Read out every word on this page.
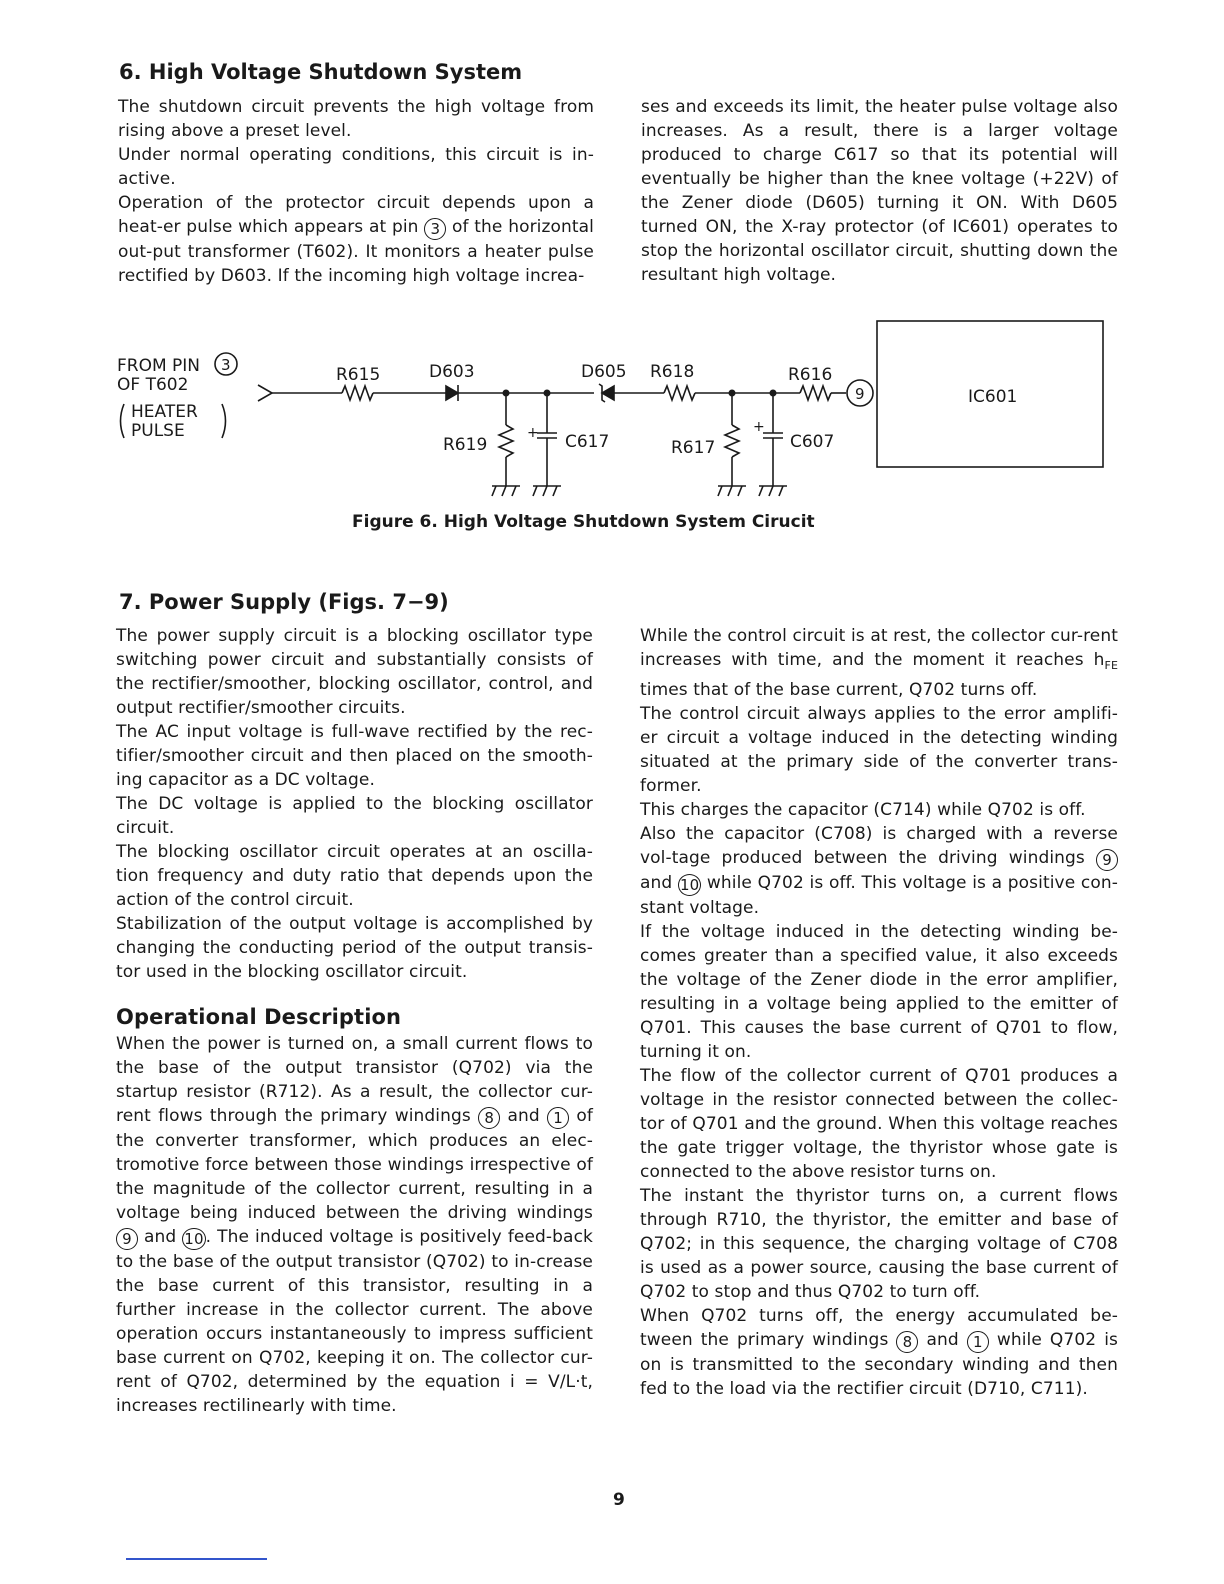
6. High Voltage Shutdown System

The shutdown circuit prevents the high voltage from rising above a preset level.

Under normal operating conditions, this circuit is in-active.

Operation of the protector circuit depends upon a heat-er pulse which appears at pin 3 of the horizontal out-put transformer (T602). It monitors a heater pulse rectified by D603. If the incoming high voltage increa-

ses and exceeds its limit, the heater pulse voltage also increases. As a result, there is a larger voltage produced to charge C617 so that its potential will eventually be higher than the knee voltage (+22V) of the Zener diode (D605) turning it ON. With D605 turned ON, the X-ray protector (of IC601) operates to stop the horizontal oscillator circuit, shutting down the resultant high voltage.

FROM PIN 3
OF T602
HEATER
PULSE
R615	D603	D605 R618	R616
9	IC601
R619
+ C617	R617
+
C607
Figure 6. High Voltage Shutdown System Cirucit
7. Power Supply (Figs. 7−9)

The power supply circuit is a blocking oscillator type switching power circuit and substantially consists of the rectifier/smoother, blocking oscillator, control, and output rectifier/smoother circuits.

The AC input voltage is full-wave rectified by the rec-tifier/smoother circuit and then placed on the smooth-ing capacitor as a DC voltage.

The DC voltage is applied to the blocking oscillator circuit.

The blocking oscillator circuit operates at an oscilla-tion frequency and duty ratio that depends upon the action of the control circuit.

Stabilization of the output voltage is accomplished by changing the conducting period of the output transis-tor used in the blocking oscillator circuit.

Operational Description

When the power is turned on, a small current flows to the base of the output transistor (Q702) via the startup resistor (R712). As a result, the collector cur-rent flows through the primary windings 8 and 1 of the converter transformer, which produces an elec-tromotive force between those windings irrespective of the magnitude of the collector current, resulting in a voltage being induced between the driving windings 9 and 10 . The induced voltage is positively feed-back to the base of the output transistor (Q702) to in-crease the base current of this transistor, resulting in a further increase in the collector current. The above operation occurs instantaneously to impress sufficient base current on Q702, keeping it on. The collector cur-rent of Q702, determined by the equation i = V/L·t, increases rectilinearly with time.

While the control circuit is at rest, the collector cur-rent increases with time, and the moment it reaches $h_{FE}$ times that of the base current, Q702 turns off.

The control circuit always applies to the error amplifi-er circuit a voltage induced in the detecting winding situated at the primary side of the converter trans-former.

This charges the capacitor (C714) while Q702 is off.

Also the capacitor (C708) is charged with a reverse vol-tage produced between the driving windings 9 and 10 while Q702 is off. This voltage is a positive con-stant voltage.

If the voltage induced in the detecting winding be-comes greater than a specified value, it also exceeds the voltage of the Zener diode in the error amplifier, resulting in a voltage being applied to the emitter of Q701. This causes the base current of Q701 to flow, turning it on.

The flow of the collector current of Q701 produces a voltage in the resistor connected between the collec-tor of Q701 and the ground. When this voltage reaches the gate trigger voltage, the thyristor whose gate is connected to the above resistor turns on.

The instant the thyristor turns on, a current flows through R710, the thyristor, the emitter and base of Q702; in this sequence, the charging voltage of C708 is used as a power source, causing the base current of Q702 to stop and thus Q702 to turn off.

When Q702 turns off, the energy accumulated be-tween the primary windings 8 and 1 while Q702 is on is transmitted to the secondary winding and then fed to the load via the rectifier circuit (D710, C711).

9
